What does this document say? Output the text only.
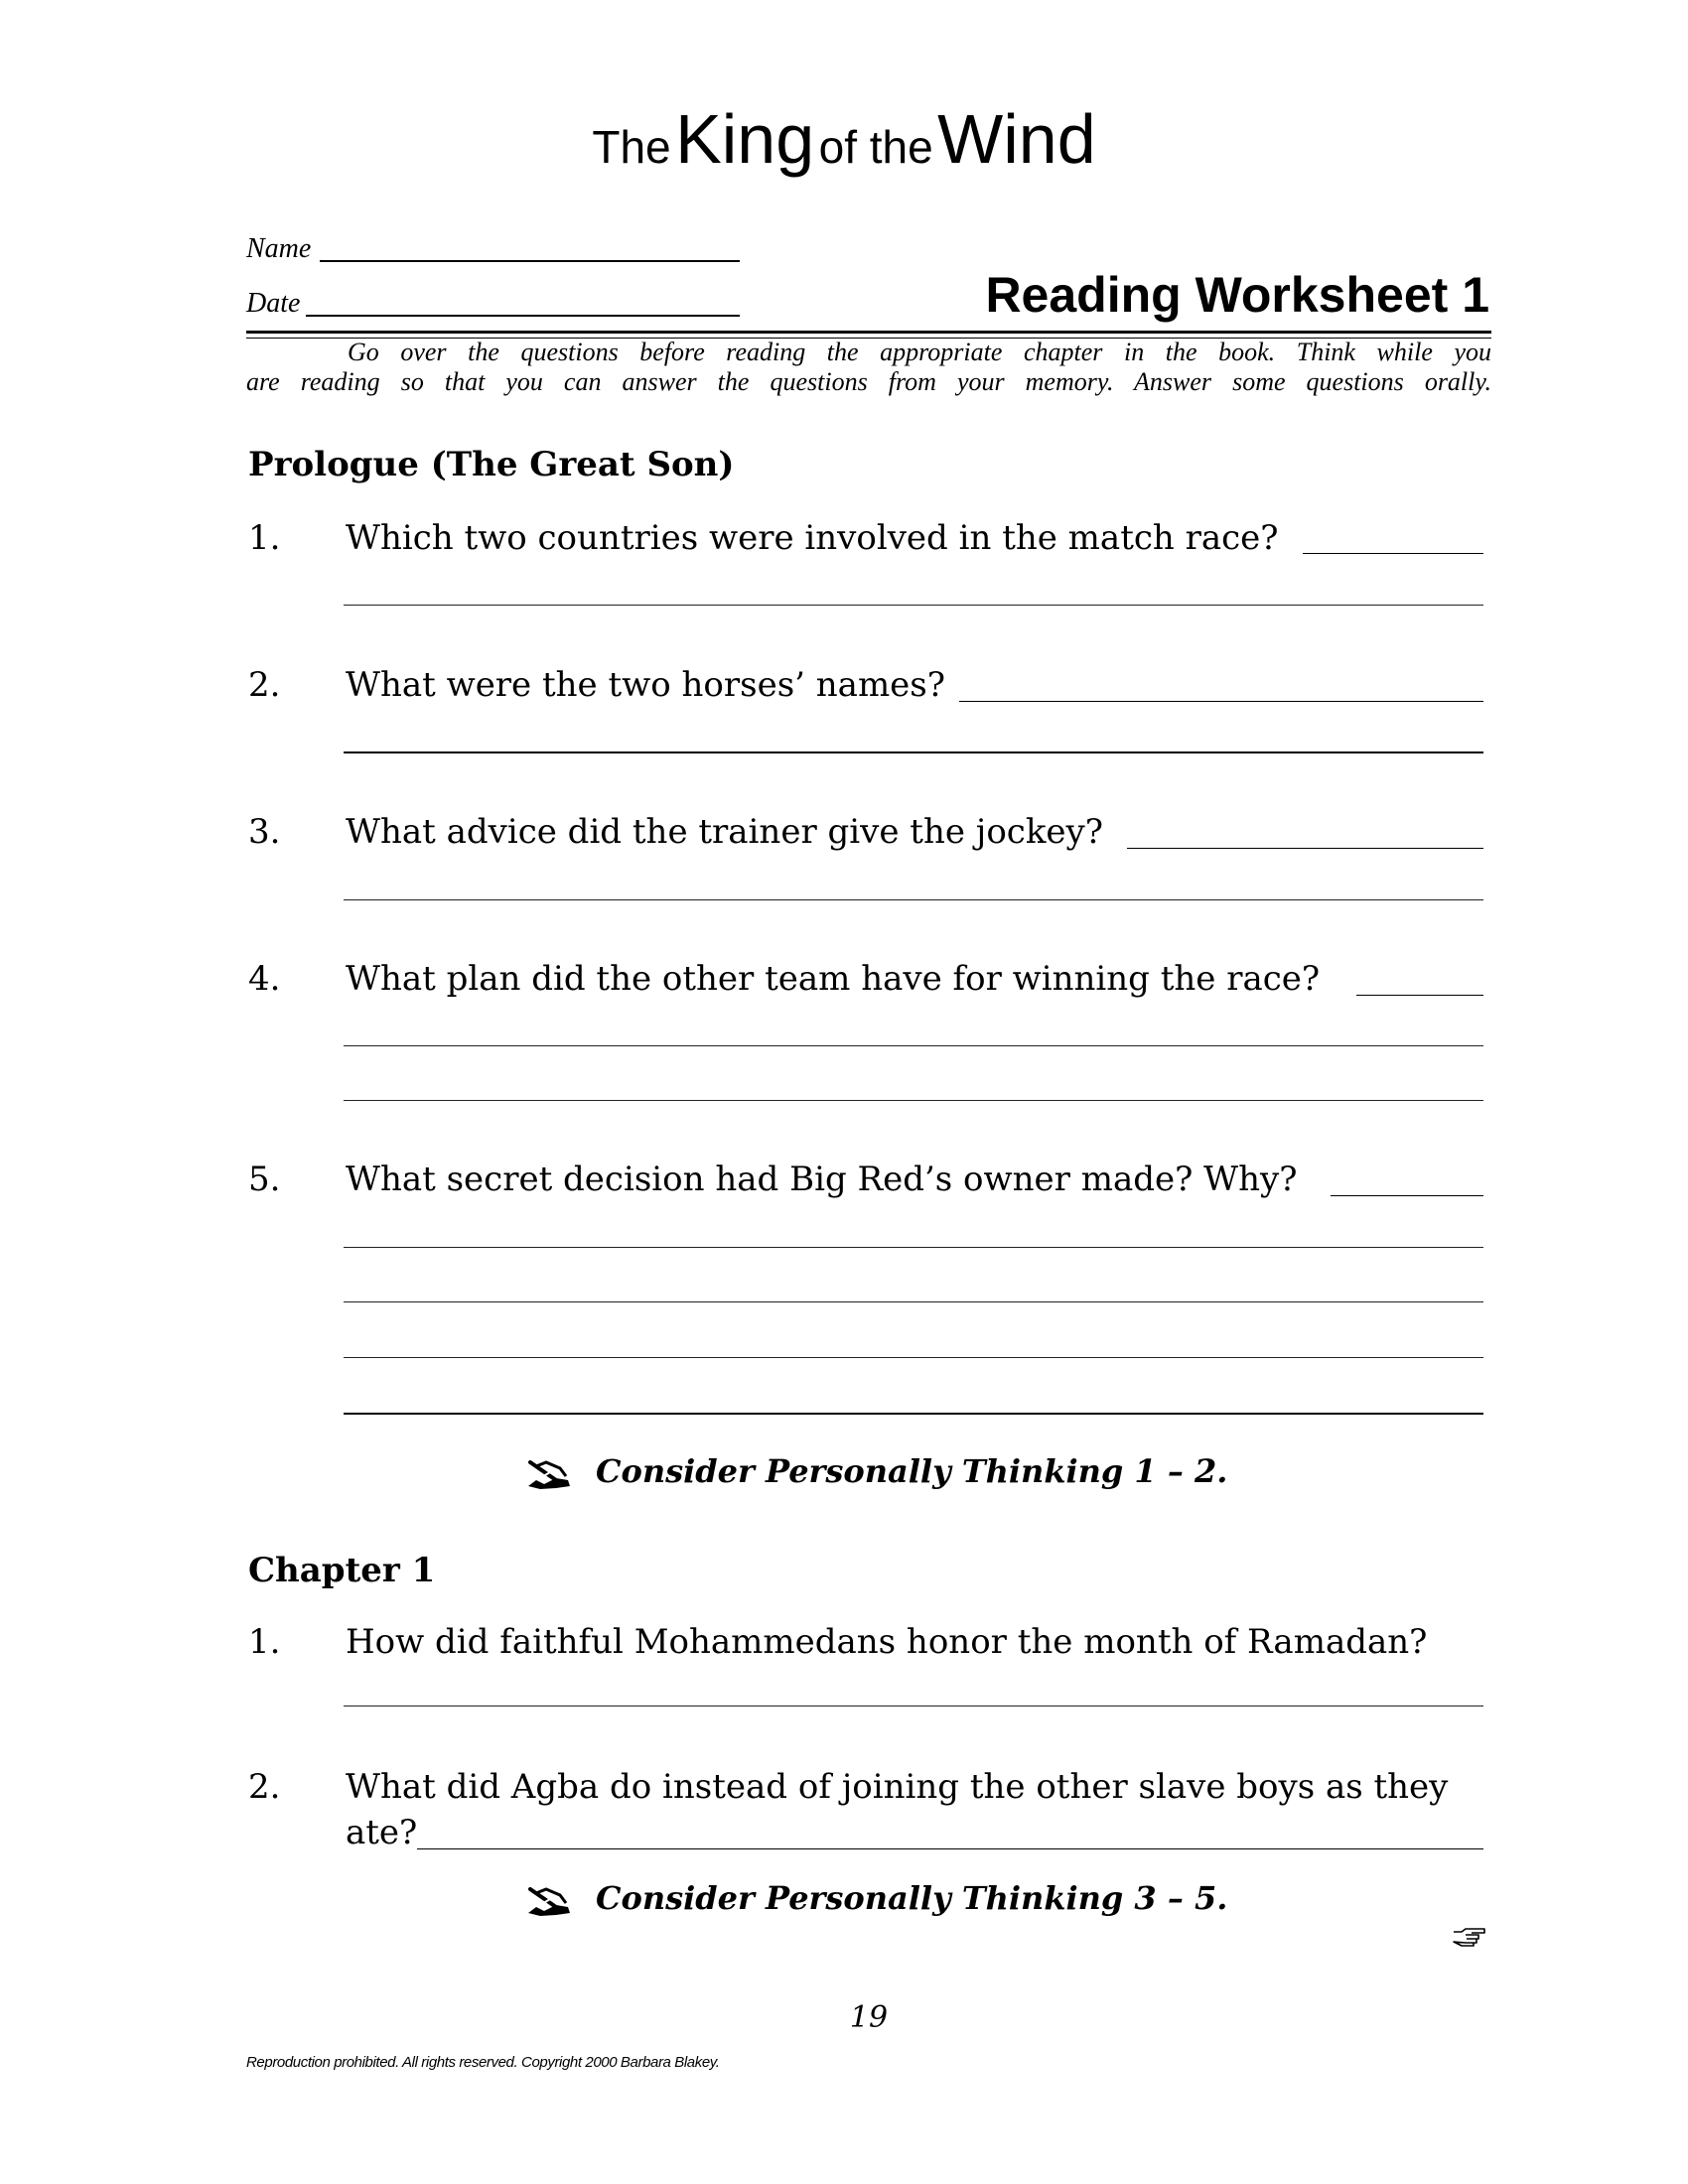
The King of the Wind
Name
Date	Reading Worksheet 1
Go over the questions before reading the appropriate chapter in the book. Think while you
are reading so that you can answer the questions from your memory. Answer some questions orally.
Prologue (The Great Son)
1. Which two countries were involved in the match race?
2. What were the two horses’ names?
3. What advice did the trainer give the jockey?
4. What plan did the other team have for winning the race?
5. What secret decision had Big Red’s owner made? Why?
Consider Personally Thinking 1 – 2.
Chapter 1
1. How did faithful Mohammedans honor the month of Ramadan?
2. What did Agba do instead of joining the other slave boys as they
ate?
Consider Personally Thinking 3 – 5.
19
Reproduction prohibited. All rights reserved. Copyright 2000 Barbara Blakey.
